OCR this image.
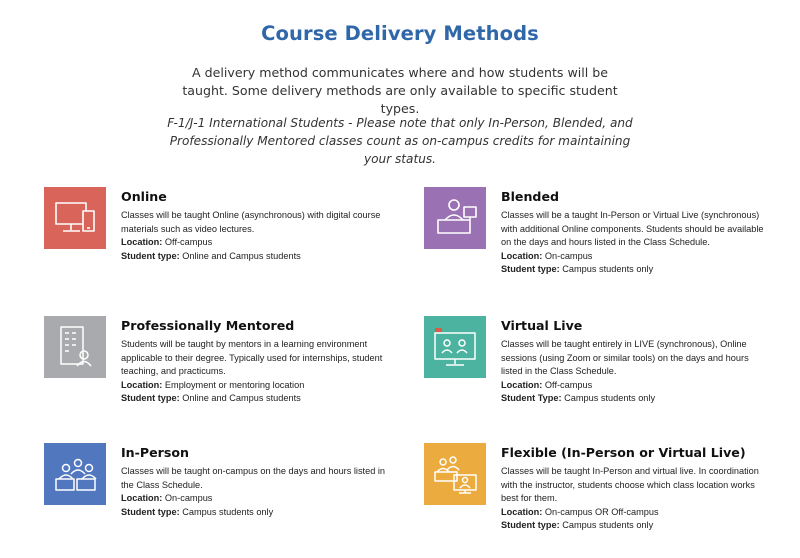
Course Delivery Methods
A delivery method communicates where and how students will be taught. Some delivery methods are only available to specific student types.
F-1/J-1 International Students - Please note that only In-Person, Blended, and Professionally Mentored classes count as on-campus credits for maintaining your status.
Online
Classes will be taught Online (asynchronous) with digital course materials such as video lectures.
Location: Off-campus
Student type: Online and Campus students
Blended
Classes will be a taught In-Person or Virtual Live (synchronous) with additional Online components. Students should be available on the days and hours listed in the Class Schedule.
Location: On-campus
Student type: Campus students only
Professionally Mentored
Students will be taught by mentors in a learning environment applicable to their degree. Typically used for internships, student teaching, and practicums.
Location: Employment or mentoring location
Student type: Online and Campus students
Virtual Live
Classes will be taught entirely in LIVE (synchronous), Online sessions (using Zoom or similar tools) on the days and hours listed in the Class Schedule.
Location: Off-campus
Student Type: Campus students only
In-Person
Classes will be taught on-campus on the days and hours listed in the Class Schedule.
Location: On-campus
Student type: Campus students only
Flexible (In-Person or Virtual Live)
Classes will be taught In-Person and virtual live. In coordination with the instructor, students choose which class location works best for them.
Location: On-campus OR Off-campus
Student type: Campus students only
